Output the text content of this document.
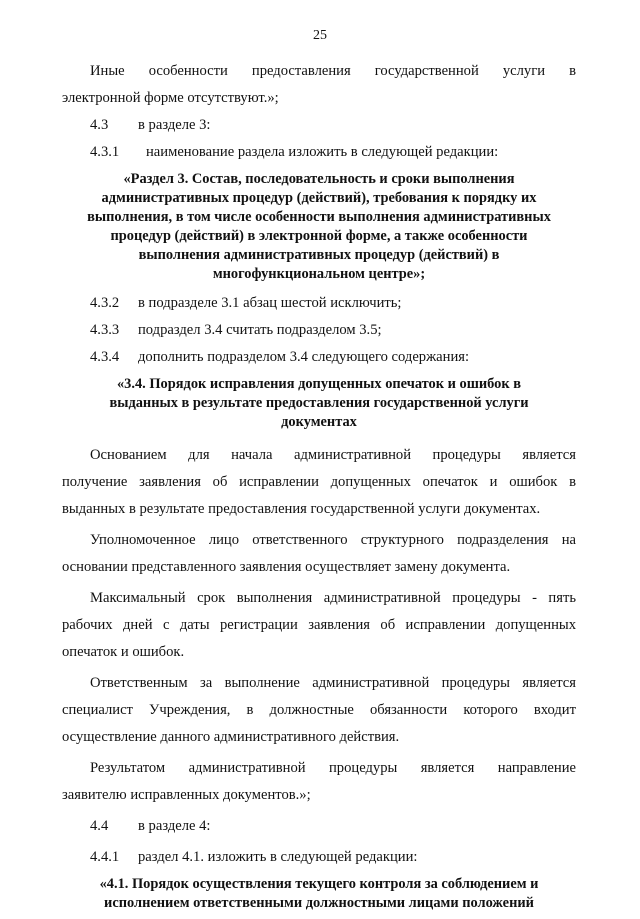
25

Иные особенности предоставления государственной услуги в

электронной форме отсутствуют.»;

4.3	в разделе 3:
4.3.1	наименование раздела изложить в следующей редакции:
«Раздел 3. Состав, последовательность и сроки выполнения
административных процедур (действий), требования к порядку их
выполнения, в том числе особенности выполнения административных
процедур (действий) в электронной форме, а также особенности
выполнения административных процедур (действий) в
многофункциональном центре»;
4.3.2	в подразделе 3.1 абзац шестой исключить;
4.3.3	подраздел 3.4 считать подразделом 3.5;
4.3.4	дополнить подразделом 3.4 следующего содержания:
«3.4. Порядок исправления допущенных опечаток и ошибок в
выданных в результате предоставления государственной услуги
документах

Основанием для начала административной процедуры является

получение заявления об исправлении допущенных опечаток и ошибок в

выданных в результате предоставления государственной услуги документах.

Уполномоченное лицо ответственного структурного подразделения на

основании представленного заявления осуществляет замену документа.

Максимальный срок выполнения административной процедуры - пять

рабочих дней с даты регистрации заявления об исправлении допущенных

опечаток и ошибок.

Ответственным за выполнение административной процедуры является

специалист Учреждения, в должностные обязанности которого входит

осуществление данного административного действия.

Результатом административной процедуры является направление

заявителю исправленных документов.»;

4.4	в разделе 4:
4.4.1	раздел 4.1. изложить в следующей редакции:
«4.1. Порядок осуществления текущего контроля за соблюдением и
исполнением ответственными должностными лицами положений
